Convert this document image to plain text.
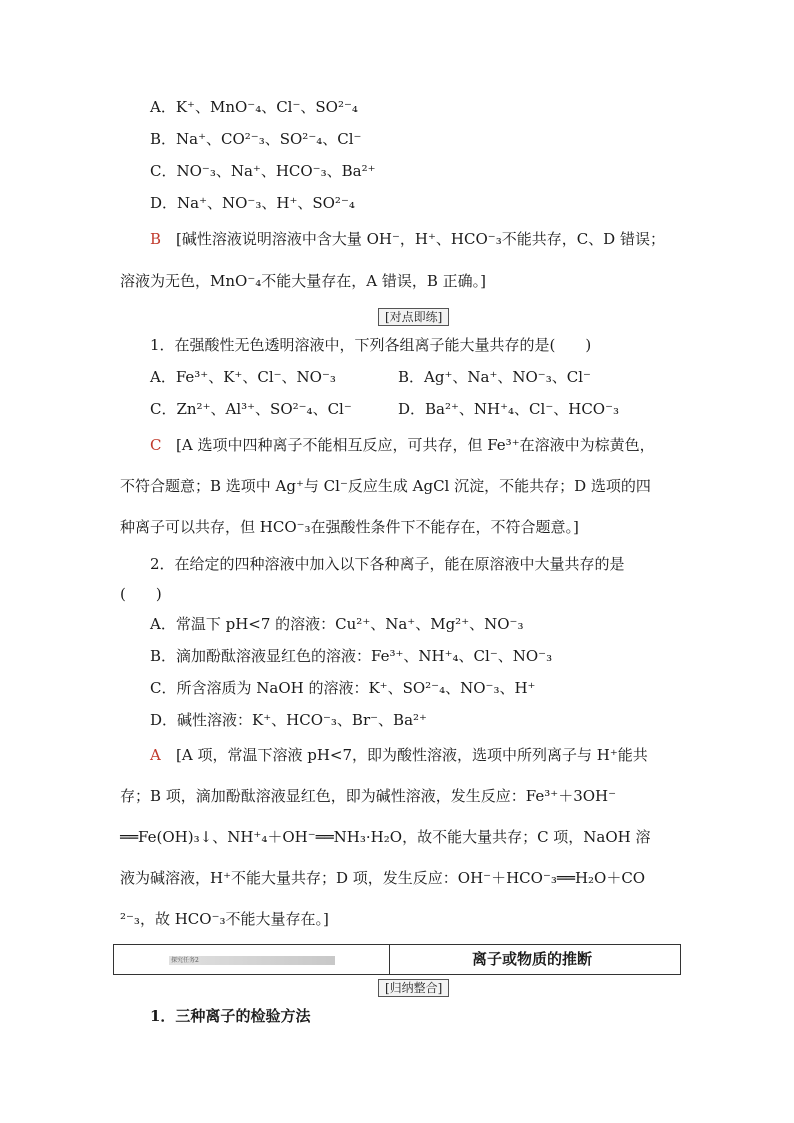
A．K⁺、MnO⁻₄、Cl⁻、SO²⁻₄
B．Na⁺、CO²⁻₃、SO²⁻₄、Cl⁻
C．NO⁻₃、Na⁺、HCO⁻₃、Ba²⁺
D．Na⁺、NO⁻₃、H⁺、SO²⁻₄
B [碱性溶液说明溶液中含大量 OH⁻，H⁺、HCO⁻₃不能共存，C、D 错误；
溶液为无色，MnO⁻₄不能大量存在，A 错误，B 正确。]
[对点即练]
1．在强酸性无色透明溶液中，下列各组离子能大量共存的是(　　)
A．Fe³⁺、K⁺、Cl⁻、NO⁻₃	B．Ag⁺、Na⁺、NO⁻₃、Cl⁻
C．Zn²⁺、Al³⁺、SO²⁻₄、Cl⁻	D．Ba²⁺、NH⁺₄、Cl⁻、HCO⁻₃
C [A 选项中四种离子不能相互反应，可共存，但 Fe³⁺在溶液中为棕黄色，
不符合题意；B 选项中 Ag⁺与 Cl⁻反应生成 AgCl 沉淀，不能共存；D 选项的四
种离子可以共存，但 HCO⁻₃在强酸性条件下不能存在，不符合题意。]
2．在给定的四种溶液中加入以下各种离子，能在原溶液中大量共存的是
(　　)
A．常温下 pH<7 的溶液：Cu²⁺、Na⁺、Mg²⁺、NO⁻₃
B．滴加酚酞溶液显红色的溶液：Fe³⁺、NH⁺₄、Cl⁻、NO⁻₃
C．所含溶质为 NaOH 的溶液：K⁺、SO²⁻₄、NO⁻₃、H⁺
D．碱性溶液：K⁺、HCO⁻₃、Br⁻、Ba²⁺
A [A 项，常温下溶液 pH<7，即为酸性溶液，选项中所列离子与 H⁺能共
存；B 项，滴加酚酞溶液显红色，即为碱性溶液，发生反应：Fe³⁺＋3OH⁻
══Fe(OH)₃↓、NH⁺₄＋OH⁻══NH₃·H₂O，故不能大量共存；C 项，NaOH 溶
液为碱溶液，H⁺不能大量共存；D 项，发生反应：OH⁻＋HCO⁻₃══H₂O＋CO
²⁻₃，故 HCO⁻₃不能大量存在。]
探究任务2	离子或物质的推断
[归纳整合]
1．三种离子的检验方法
